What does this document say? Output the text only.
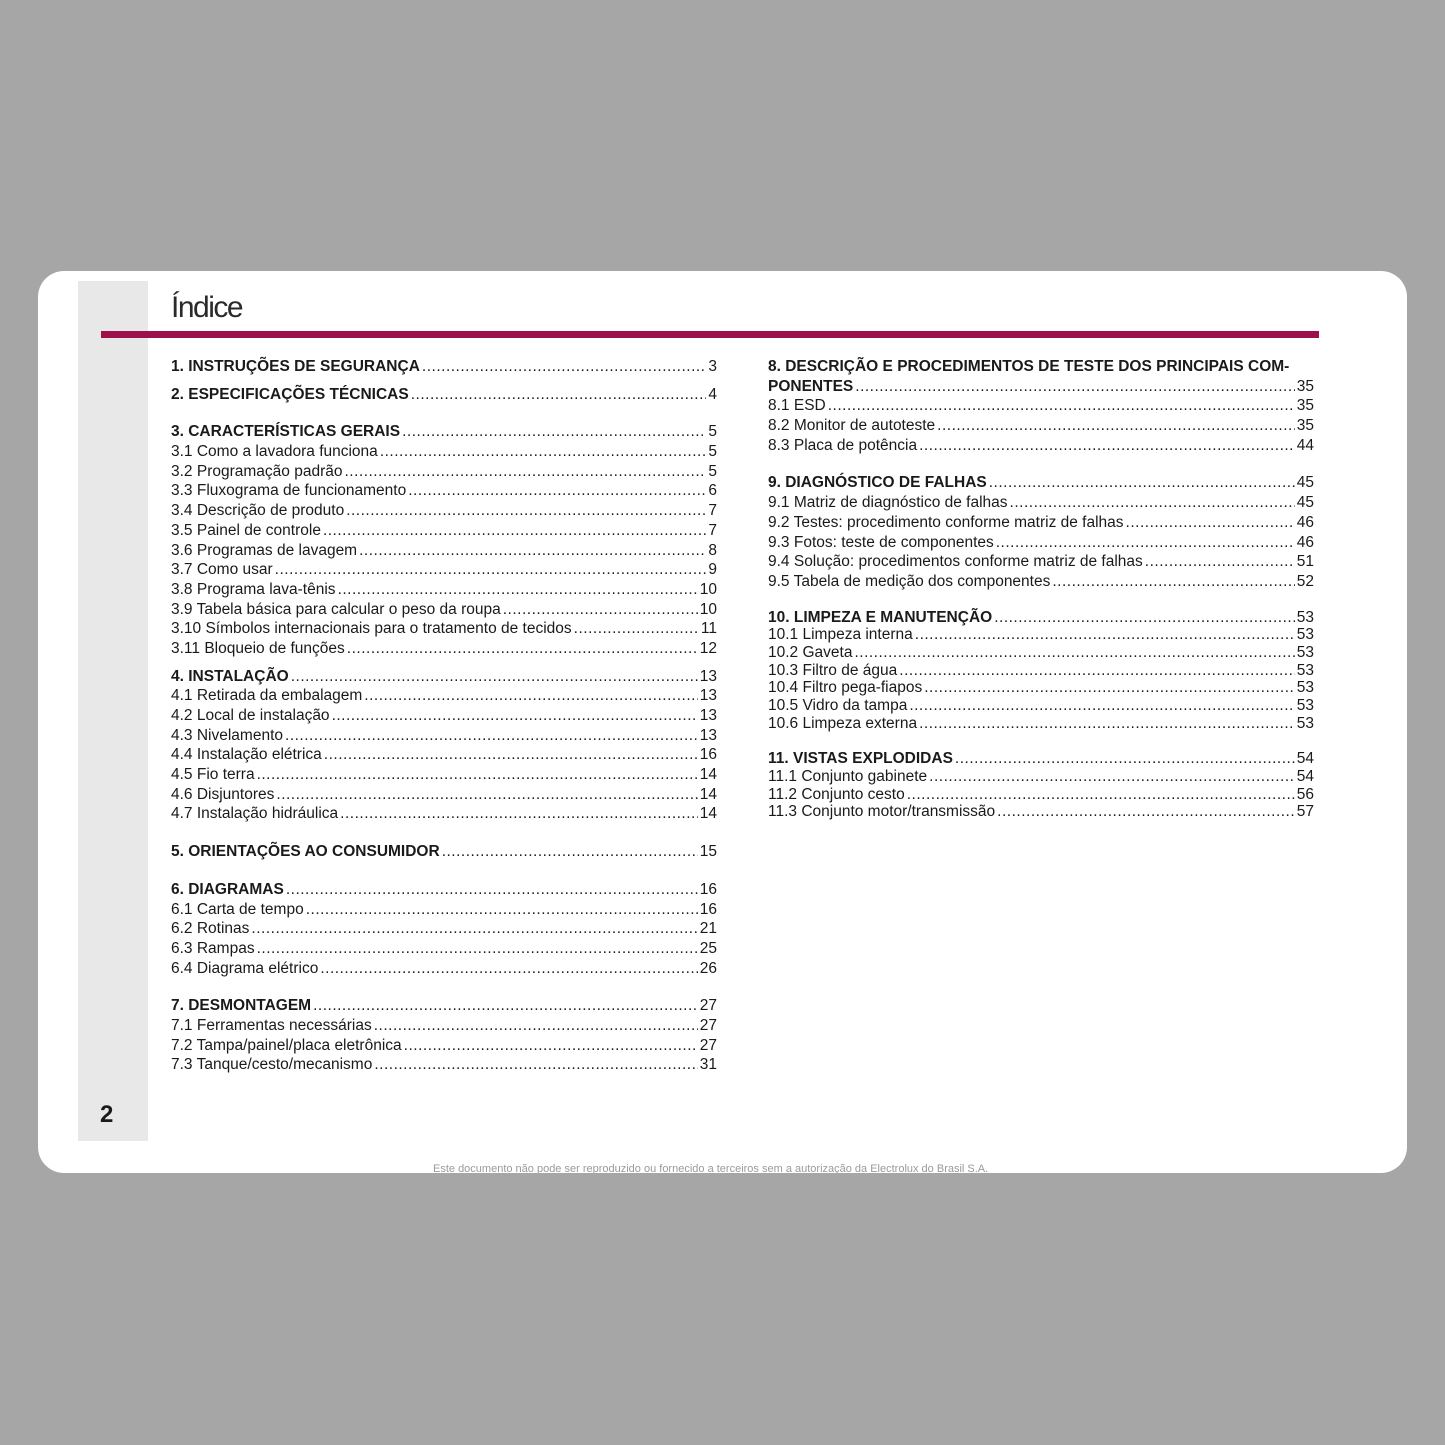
2
Índice
1. INSTRUÇÕES DE SEGURANÇA .....	3
2. ESPECIFICAÇÕES TÉCNICAS .....	4
3. CARACTERÍSTICAS GERAIS .....	5
3.1 Como a lavadora funciona .....	5
3.2 Programação padrão .....	5
3.3 Fluxograma de funcionamento .....	6
3.4 Descrição de produto .....	7
3.5 Painel de controle .....	7
3.6 Programas de lavagem .....	8
3.7 Como usar .....	9
3.8 Programa lava-tênis .....	10
3.9 Tabela básica para calcular o peso da roupa .....	10
3.10 Símbolos internacionais para o tratamento de tecidos .....	11
3.11 Bloqueio de funções .....	12
4. INSTALAÇÃO .....	13
4.1 Retirada da embalagem .....	13
4.2 Local de instalação .....	13
4.3 Nivelamento .....	13
4.4 Instalação elétrica .....	16
4.5 Fio terra .....	14
4.6 Disjuntores .....	14
4.7 Instalação hidráulica .....	14
5. ORIENTAÇÕES AO CONSUMIDOR .....	15
6. DIAGRAMAS .....	16
6.1 Carta de tempo .....	16
6.2 Rotinas .....	21
6.3 Rampas .....	25
6.4 Diagrama elétrico .....	26
7. DESMONTAGEM .....	27
7.1 Ferramentas necessárias .....	27
7.2 Tampa/painel/placa eletrônica .....	27
7.3 Tanque/cesto/mecanismo .....	31
8. DESCRIÇÃO E PROCEDIMENTOS DE TESTE DOS PRINCIPAIS COM-
PONENTES .....	35
8.1 ESD .....	35
8.2 Monitor de autoteste .....	35
8.3 Placa de potência .....	44
9. DIAGNÓSTICO DE FALHAS .....	45
9.1 Matriz de diagnóstico de falhas .....	45
9.2 Testes: procedimento conforme matriz de falhas .....	46
9.3 Fotos: teste de componentes .....	46
9.4 Solução: procedimentos conforme matriz de falhas .....	51
9.5 Tabela de medição dos componentes .....	52
10. LIMPEZA E MANUTENÇÃO .....	53
10.1 Limpeza interna .....	53
10.2 Gaveta .....	53
10.3 Filtro de água .....	53
10.4 Filtro pega-fiapos .....	53
10.5 Vidro da tampa .....	53
10.6 Limpeza externa .....	53
11. VISTAS EXPLODIDAS .....	54
11.1 Conjunto gabinete .....	54
11.2 Conjunto cesto .....	56
11.3 Conjunto motor/transmissão .....	57
Este documento não pode ser reproduzido ou fornecido a terceiros sem a autorização da Electrolux do Brasil S.A.
